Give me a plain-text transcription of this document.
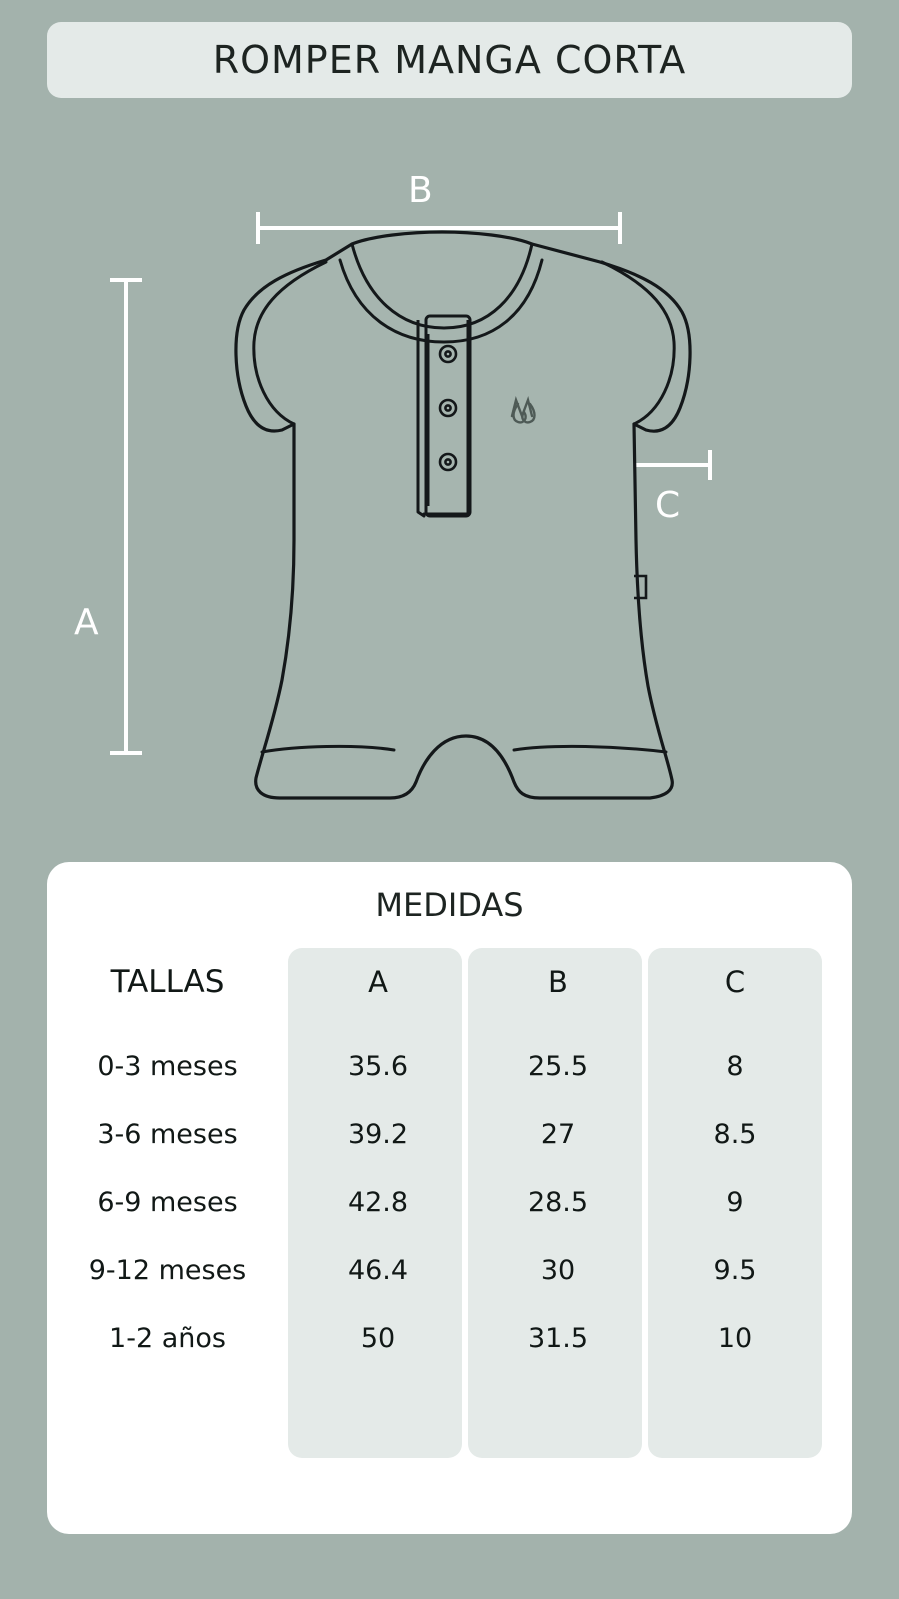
ROMPER MANGA CORTA
A
B
C
MEDIDAS
TALLAS	A	B	C
0-3 meses	35.6	25.5	8
3-6 meses	39.2	27	8.5
6-9 meses	42.8	28.5	9
9-12 meses	46.4	30	9.5
1-2 años	50	31.5	10
